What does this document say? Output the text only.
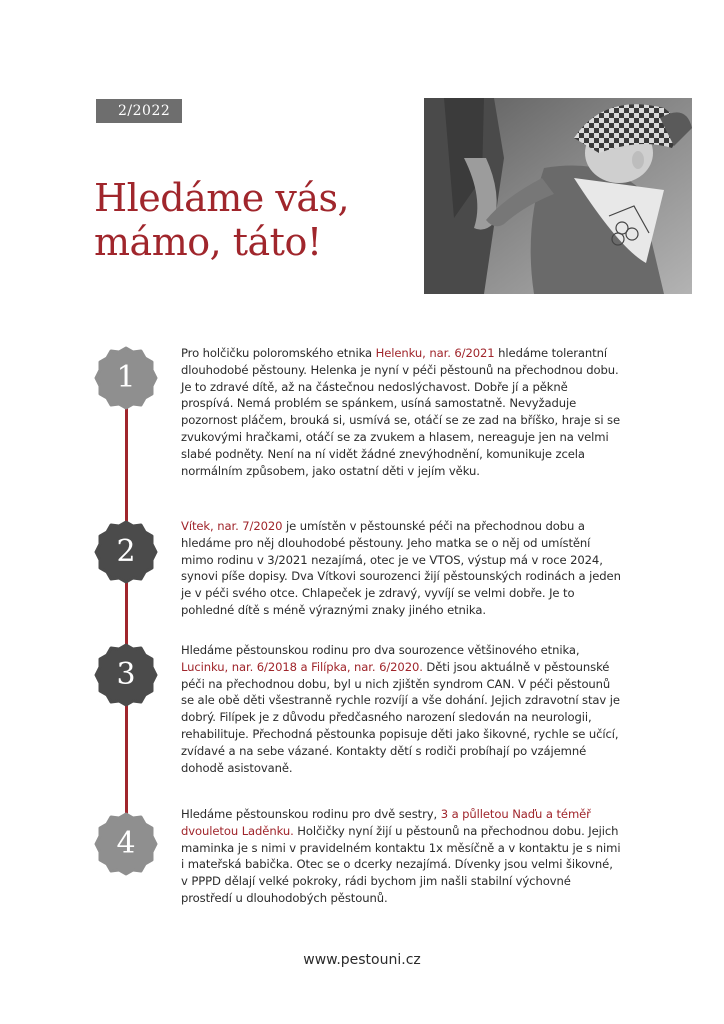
2/2022
Hledáme vás,
mámo, táto!
1
2
3
4

Pro holčičku poloromského etnika Helenku, nar. 6/2021 hledáme tolerantní dlouhodobé pěstouny. Helenka je nyní v péči pěstounů na přechodnou dobu. Je to zdravé dítě, až na částečnou nedoslýchavost. Dobře jí a pěkně prospívá. Nemá problém se spánkem, usíná samostatně. Nevyžaduje pozornost pláčem, brouká si, usmívá se, otáčí se ze zad na bříško, hraje si se zvukovými hračkami, otáčí se za zvukem a hlasem, nereaguje jen na velmi slabé podněty. Není na ní vidět žádné znevýhodnění, komunikuje zcela normálním způsobem, jako ostatní děti v jejím věku.

Vítek, nar. 7/2020 je umístěn v pěstounské péči na přechodnou dobu a hledáme pro něj dlouhodobé pěstouny. Jeho matka se o něj od umístění mimo rodinu v 3/2021 nezajímá, otec je ve VTOS, výstup má v roce 2024, synovi píše dopisy. Dva Vítkovi sourozenci žijí pěstounských rodinách a jeden je v péči svého otce. Chlapeček je zdravý, vyvíjí se velmi dobře. Je to pohledné dítě s méně výraznými znaky jiného etnika.

Hledáme pěstounskou rodinu pro dva sourozence většinového etnika, Lucinku, nar. 6/2018 a Filípka, nar. 6/2020. Děti jsou aktuálně v pěstounské péči na přechodnou dobu, byl u nich zjištěn syndrom CAN. V péči pěstounů se ale obě děti všestranně rychle rozvíjí a vše dohání. Jejich zdravotní stav je dobrý. Filípek je z důvodu předčasného narození sledován na neurologii, rehabilituje. Přechodná pěstounka popisuje děti jako šikovné, rychle se učící, zvídavé a na sebe vázané. Kontakty dětí s rodiči probíhají po vzájemné dohodě asistovaně.

Hledáme pěstounskou rodinu pro dvě sestry, 3 a půlletou Naďu a téměř dvouletou Laděnku. Holčičky nyní žijí u pěstounů na přechodnou dobu. Jejich maminka je s nimi v pravidelném kontaktu 1x měsíčně a v kontaktu je s nimi i mateřská babička. Otec se o dcerky nezajímá. Dívenky jsou velmi šikovné, v PPPD dělají velké pokroky, rádi bychom jim našli stabilní výchovné prostředí u dlouhodobých pěstounů.

www.pestouni.cz
